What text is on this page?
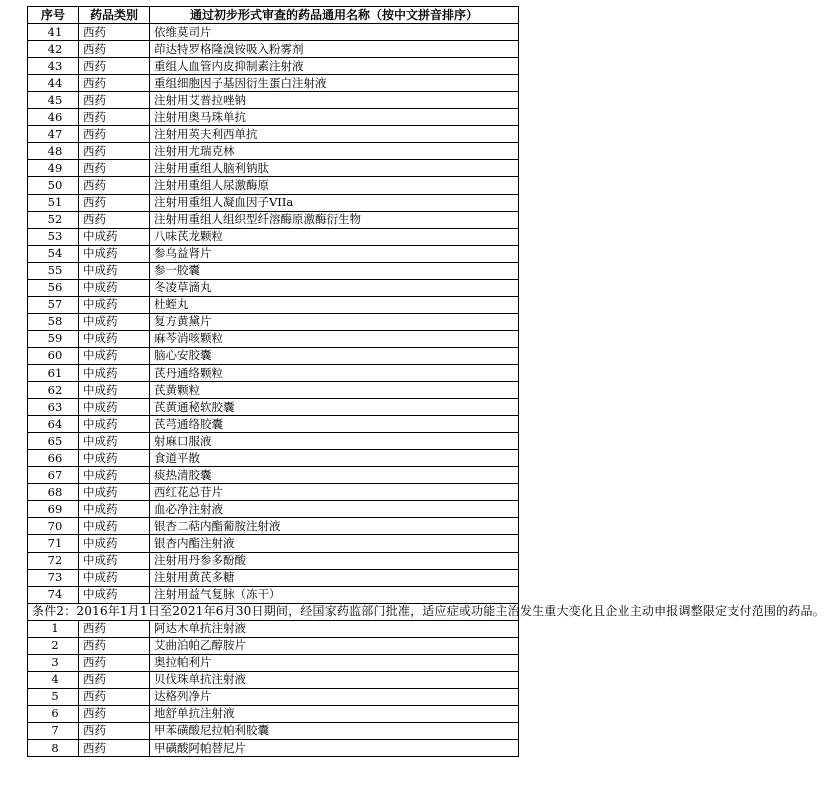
序号	药品类别	通过初步形式审查的药品通用名称（按中文拼音排序）
41	西药	依维莫司片
42	西药	茚达特罗格隆溴铵吸入粉雾剂
43	西药	重组人血管内皮抑制素注射液
44	西药	重组细胞因子基因衍生蛋白注射液
45	西药	注射用艾普拉唑钠
46	西药	注射用奥马珠单抗
47	西药	注射用英夫利西单抗
48	西药	注射用尤瑞克林
49	西药	注射用重组人脑利钠肽
50	西药	注射用重组人尿激酶原
51	西药	注射用重组人凝血因子VIIa
52	西药	注射用重组人组织型纤溶酶原激酶衍生物
53	中成药	八味芪龙颗粒
54	中成药	参乌益肾片
55	中成药	参一胶囊
56	中成药	冬凌草滴丸
57	中成药	杜蛭丸
58	中成药	复方黄黛片
59	中成药	麻芩消咳颗粒
60	中成药	脑心安胶囊
61	中成药	芪丹通络颗粒
62	中成药	芪黄颗粒
63	中成药	芪黄通秘软胶囊
64	中成药	芪芎通络胶囊
65	中成药	射麻口服液
66	中成药	食道平散
67	中成药	痰热清胶囊
68	中成药	西红花总苷片
69	中成药	血必净注射液
70	中成药	银杏二萜内酯葡胺注射液
71	中成药	银杏内酯注射液
72	中成药	注射用丹参多酚酸
73	中成药	注射用黄芪多糖
74	中成药	注射用益气复脉（冻干）
条件2：2016年1月1日至2021年6月30日期间，经国家药监部门批准，适应症或功能主治发生重大变化且企业主动申报调整限定支付范围的药品。		
1	西药	阿达木单抗注射液
2	西药	艾曲泊帕乙醇胺片
3	西药	奥拉帕利片
4	西药	贝伐珠单抗注射液
5	西药	达格列净片
6	西药	地舒单抗注射液
7	西药	甲苯磺酸尼拉帕利胶囊
8	西药	甲磺酸阿帕替尼片
